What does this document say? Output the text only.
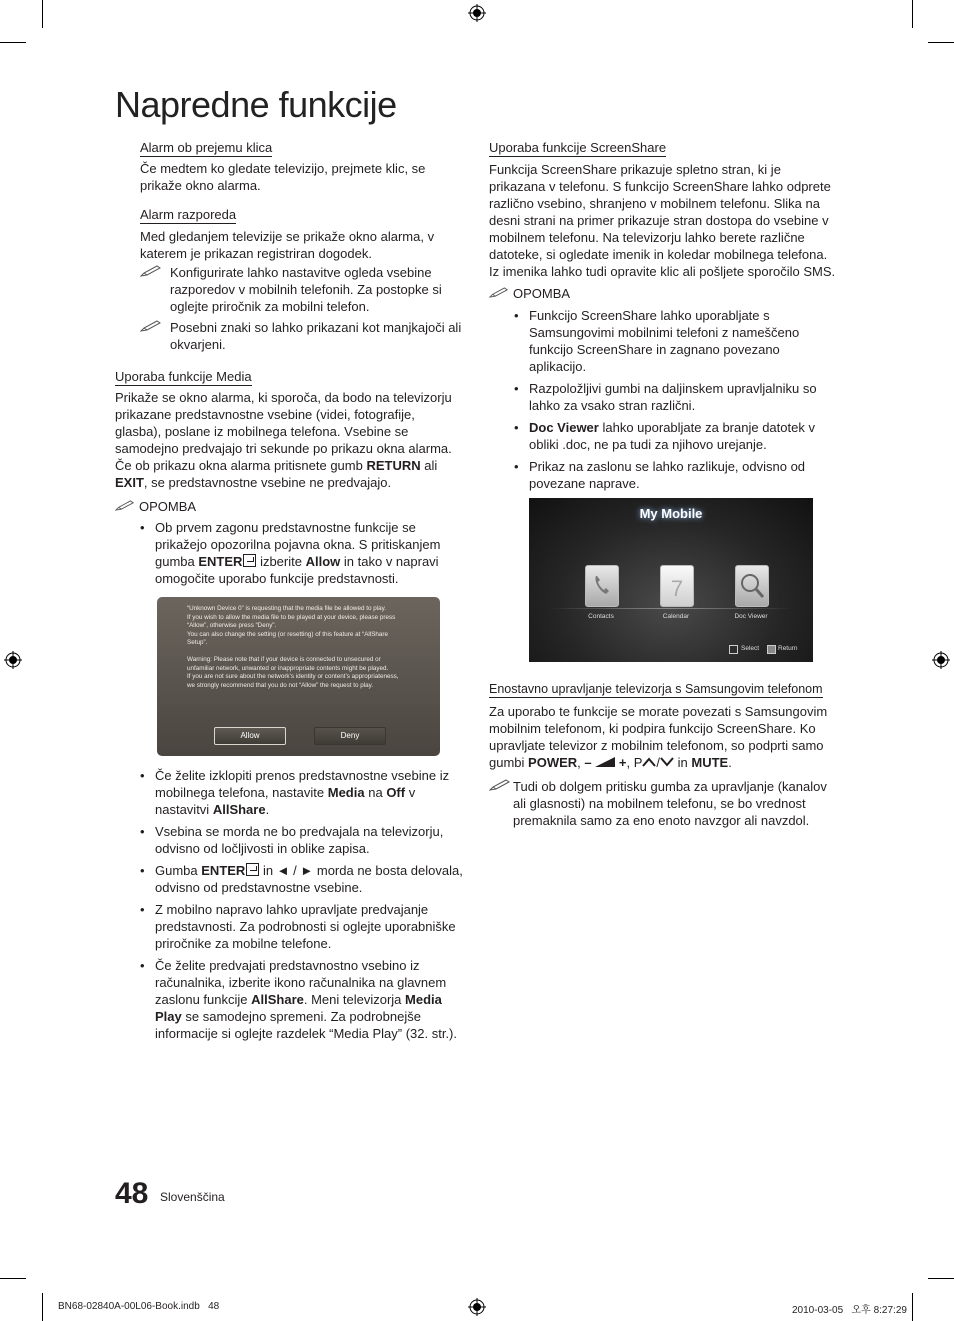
Napredne funkcije
Alarm ob prejemu klica
Če medtem ko gledate televizijo, prejmete klic, se prikaže okno alarma.
Alarm razporeda
Med gledanjem televizije se prikaže okno alarma, v katerem je prikazan registriran dogodek.
Konfigurirate lahko nastavitve ogleda vsebine razporedov v mobilnih telefonih. Za postopke si oglejte priročnik za mobilni telefon.
Posebni znaki so lahko prikazani kot manjkajoči ali okvarjeni.
Uporaba funkcije Media
Prikaže se okno alarma, ki sporoča, da bodo na televizorju prikazane predstavnostne vsebine (videi, fotografije, glasba), poslane iz mobilnega telefona. Vsebine se samodejno predvajajo tri sekunde po prikazu okna alarma. Če ob prikazu okna alarma pritisnete gumb RETURN ali EXIT, se predstavnostne vsebine ne predvajajo.
OPOMBA
• Ob prvem zagonu predstavnostne funkcije se prikažejo opozorilna pojavna okna. S pritiskanjem gumba ENTER izberite Allow in tako v napravi omogočite uporabo funkcije predstavnosti.
“Unknown Device 0” is requesting that the media file be allowed to play.
If you wish to allow the media file to be played at your device, please press
“Allow”, otherwise press “Deny”.
You can also change the setting (or resetting) of this feature at “AllShare
Setup”.
Warning: Please note that if your device is connected to unsecured or
unfamiliar network, unwanted or inappropriate contents might be played.
If you are not sure about the network’s identity or content’s appropriateness,
we strongly recommend that you do not “Allow” the request to play.
Allow	Deny
• Če želite izklopiti prenos predstavnostne vsebine iz mobilnega telefona, nastavite Media na Off v nastavitvi AllShare.
• Vsebina se morda ne bo predvajala na televizorju, odvisno od ločljivosti in oblike zapisa.
• Gumba ENTER in ◄ / ► morda ne bosta delovala, odvisno od predstavnostne vsebine.
• Z mobilno napravo lahko upravljate predvajanje predstavnosti. Za podrobnosti si oglejte uporabniške priročnike za mobilne telefone.
• Če želite predvajati predstavnostno vsebino iz računalnika, izberite ikono računalnika na glavnem zaslonu funkcije AllShare. Meni televizorja Media Play se samodejno spremeni. Za podrobnejše informacije si oglejte razdelek “Media Play” (32. str.).
Uporaba funkcije ScreenShare
Funkcija ScreenShare prikazuje spletno stran, ki je prikazana v telefonu. S funkcijo ScreenShare lahko odprete različno vsebino, shranjeno v mobilnem telefonu. Slika na desni strani na primer prikazuje stran dostopa do vsebine v mobilnem telefonu. Na televizorju lahko berete različne datoteke, si ogledate imenik in koledar mobilnega telefona. Iz imenika lahko tudi opravite klic ali pošljete sporočilo SMS.
OPOMBA
• Funkcijo ScreenShare lahko uporabljate s Samsungovimi mobilnimi telefoni z nameščeno funkcijo ScreenShare in zagnano povezano aplikacijo.
• Razpoložljivi gumbi na daljinskem upravljalniku so lahko za vsako stran različni.
• Doc Viewer lahko uporabljate za branje datotek v obliki .doc, ne pa tudi za njihovo urejanje.
• Prikaz na zaslonu se lahko razlikuje, odvisno od povezane naprave.
My Mobile
7
Contacts	Calendar	Doc Viewer
Select	Return
Enostavno upravljanje televizorja s Samsungovim telefonom
Za uporabo te funkcije se morate povezati s Samsungovim mobilnim telefonom, ki podpira funkcijo ScreenShare. Ko upravljate televizor z mobilnim telefonom, so podprti samo gumbi POWER, – +, P / in MUTE.
Tudi ob dolgem pritisku gumba za upravljanje (kanalov ali glasnosti) na mobilnem telefonu, se bo vrednost premaknila samo za eno enoto navzgor ali navzdol.
48 Slovenščina
BN68-02840A-00L06-Book.indb   48	2010-03-05   오후 8:27:29
